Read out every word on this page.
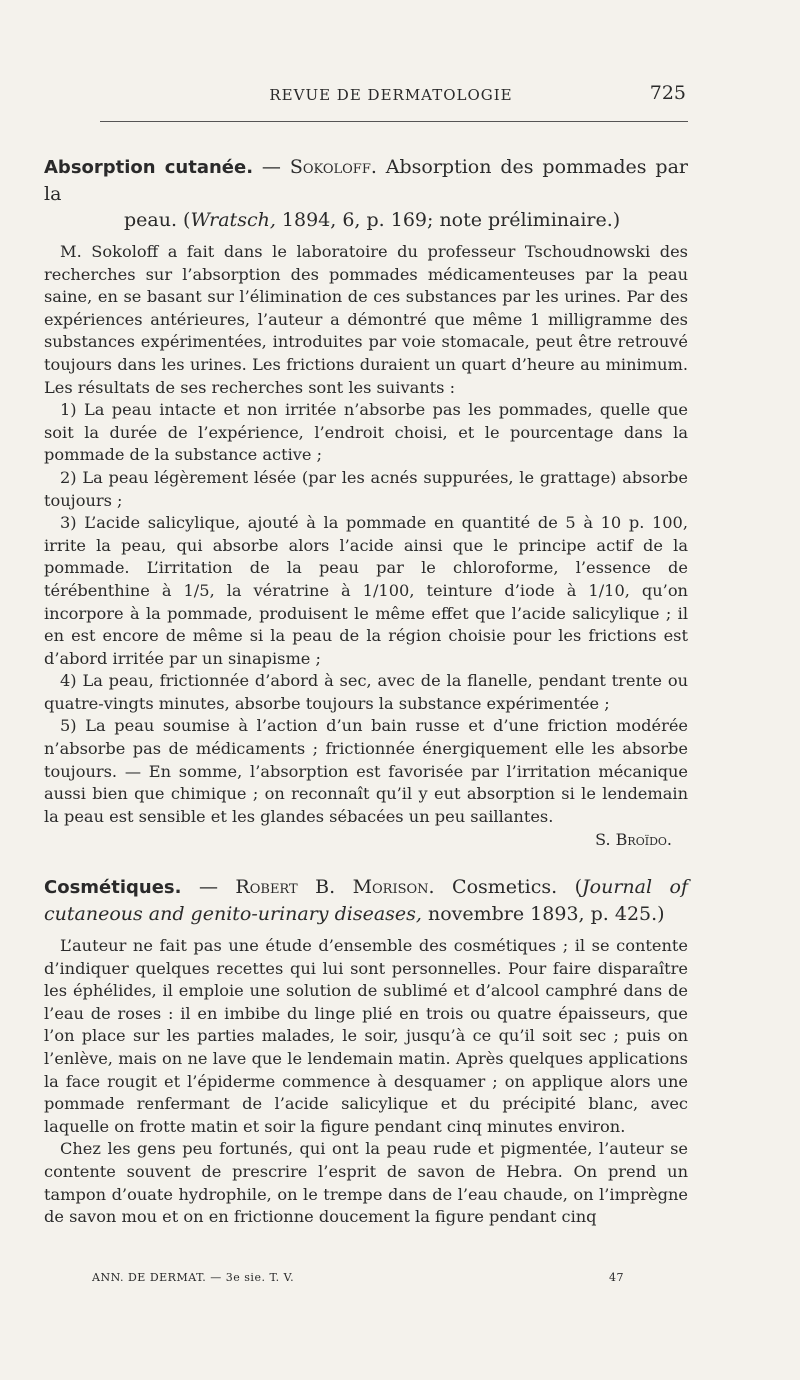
REVUE DE DERMATOLOGIE	725
Absorption cutanée. — Sokoloff. Absorption des pommades par la
peau. (Wratsch, 1894, 6, p. 169; note préliminaire.)

M. Sokoloff a fait dans le laboratoire du professeur Tschoudnowski des recherches sur l’absorption des pommades médicamenteuses par la peau saine, en se basant sur l’élimination de ces substances par les urines. Par des expériences antérieures, l’auteur a démontré que même 1 milligramme des substances expérimentées, introduites par voie stomacale, peut être retrouvé toujours dans les urines. Les frictions duraient un quart d’heure au minimum. Les résultats de ses recherches sont les suivants :

1) La peau intacte et non irritée n’absorbe pas les pommades, quelle que soit la durée de l’expérience, l’endroit choisi, et le pourcentage dans la pommade de la substance active ;

2) La peau légèrement lésée (par les acnés suppurées, le grattage) absorbe toujours ;

3) L’acide salicylique, ajouté à la pommade en quantité de 5 à 10 p. 100, irrite la peau, qui absorbe alors l’acide ainsi que le principe actif de la pommade. L’irritation de la peau par le chloroforme, l’essence de térébenthine à 1/5, la vératrine à 1/100, teinture d’iode à 1/10, qu’on incorpore à la pommade, produisent le même effet que l’acide salicylique ; il en est encore de même si la peau de la région choisie pour les frictions est d’abord irritée par un sinapisme ;

4) La peau, frictionnée d’abord à sec, avec de la flanelle, pendant trente ou quatre-vingts minutes, absorbe toujours la substance expérimentée ;

5) La peau soumise à l’action d’un bain russe et d’une friction modérée n’absorbe pas de médicaments ; frictionnée énergiquement elle les absorbe toujours. — En somme, l’absorption est favorisée par l’irritation mécanique aussi bien que chimique ; on reconnaît qu’il y eut absorption si le lendemain la peau est sensible et les glandes sébacées un peu saillantes.

S. Broïdo.
Cosmétiques. — Robert B. Morison. Cosmetics. (Journal of cutaneous and genito-urinary diseases, novembre 1893, p. 425.)

L’auteur ne fait pas une étude d’ensemble des cosmétiques ; il se contente d’indiquer quelques recettes qui lui sont personnelles. Pour faire disparaître les éphélides, il emploie une solution de sublimé et d’alcool camphré dans de l’eau de roses : il en imbibe du linge plié en trois ou quatre épaisseurs, que l’on place sur les parties malades, le soir, jusqu’à ce qu’il soit sec ; puis on l’enlève, mais on ne lave que le lendemain matin. Après quelques applications la face rougit et l’épiderme commence à desquamer ; on applique alors une pommade renfermant de l’acide salicylique et du précipité blanc, avec laquelle on frotte matin et soir la figure pendant cinq minutes environ.

Chez les gens peu fortunés, qui ont la peau rude et pigmentée, l’auteur se contente souvent de prescrire l’esprit de savon de Hebra. On prend un tampon d’ouate hydrophile, on le trempe dans de l’eau chaude, on l’imprègne de savon mou et on en frictionne doucement la figure pendant cinq

ANN. DE DERMAT. — 3e sie. T. V.	47
